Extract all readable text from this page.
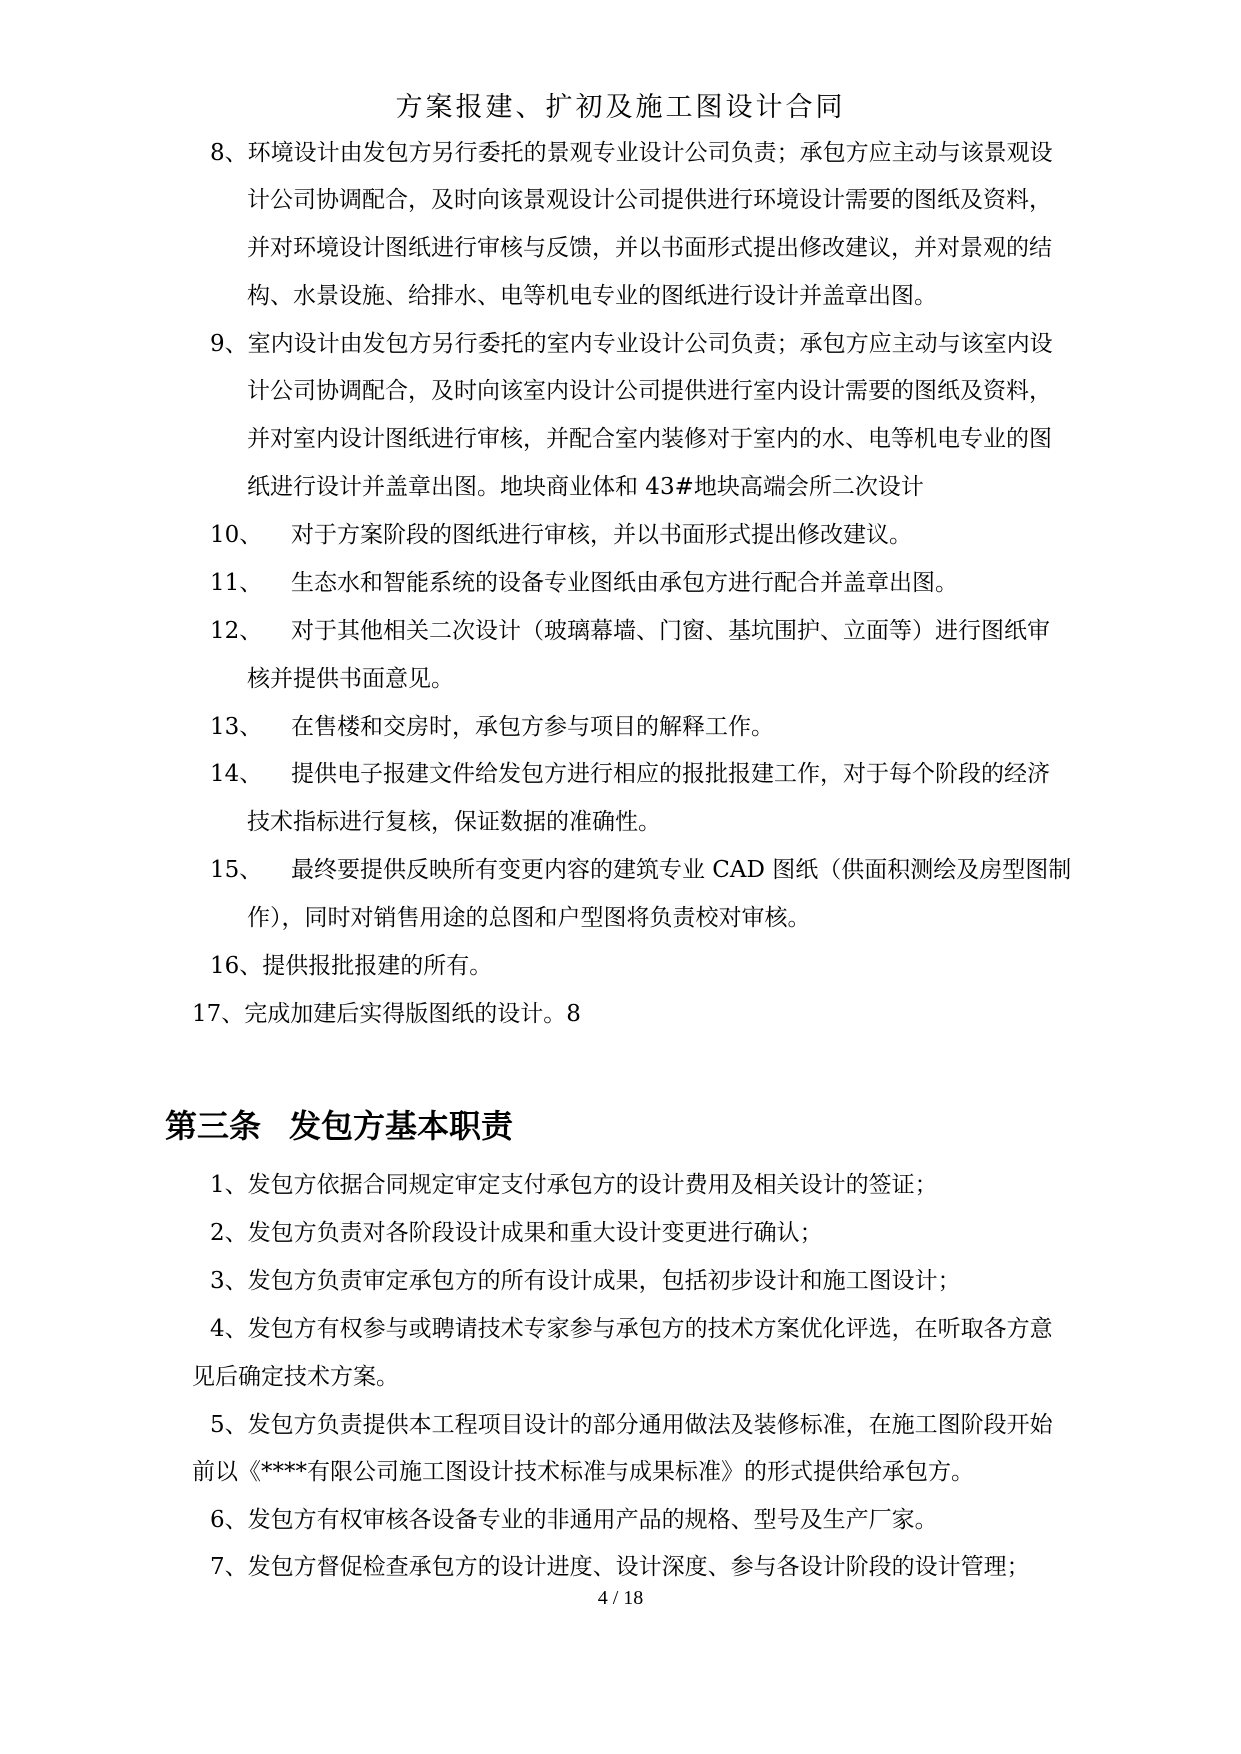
方案报建、扩初及施工图设计合同
8、环境设计由发包方另行委托的景观专业设计公司负责；承包方应主动与该景观设
计公司协调配合，及时向该景观设计公司提供进行环境设计需要的图纸及资料，
并对环境设计图纸进行审核与反馈，并以书面形式提出修改建议，并对景观的结
构、水景设施、给排水、电等机电专业的图纸进行设计并盖章出图。
9、室内设计由发包方另行委托的室内专业设计公司负责；承包方应主动与该室内设
计公司协调配合，及时向该室内设计公司提供进行室内设计需要的图纸及资料，
并对室内设计图纸进行审核，并配合室内装修对于室内的水、电等机电专业的图
纸进行设计并盖章出图。地块商业体和 43#地块高端会所二次设计
10、 对于方案阶段的图纸进行审核，并以书面形式提出修改建议。
11、 生态水和智能系统的设备专业图纸由承包方进行配合并盖章出图。
12、 对于其他相关二次设计（玻璃幕墙、门窗、基坑围护、立面等）进行图纸审
核并提供书面意见。
13、 在售楼和交房时，承包方参与项目的解释工作。
14、 提供电子报建文件给发包方进行相应的报批报建工作，对于每个阶段的经济
技术指标进行复核，保证数据的准确性。
15、 最终要提供反映所有变更内容的建筑专业 CAD 图纸（供面积测绘及房型图制
作），同时对销售用途的总图和户型图将负责校对审核。
16、提供报批报建的所有。
17、完成加建后实得版图纸的设计。8
第三条 发包方基本职责
1、发包方依据合同规定审定支付承包方的设计费用及相关设计的签证；
2、发包方负责对各阶段设计成果和重大设计变更进行确认；
3、发包方负责审定承包方的所有设计成果，包括初步设计和施工图设计；
4、发包方有权参与或聘请技术专家参与承包方的技术方案优化评选，在听取各方意
见后确定技术方案。
5、发包方负责提供本工程项目设计的部分通用做法及装修标准，在施工图阶段开始
前以《****有限公司施工图设计技术标准与成果标准》的形式提供给承包方。
6、发包方有权审核各设备专业的非通用产品的规格、型号及生产厂家。
7、发包方督促检查承包方的设计进度、设计深度、参与各设计阶段的设计管理；
4 / 18
